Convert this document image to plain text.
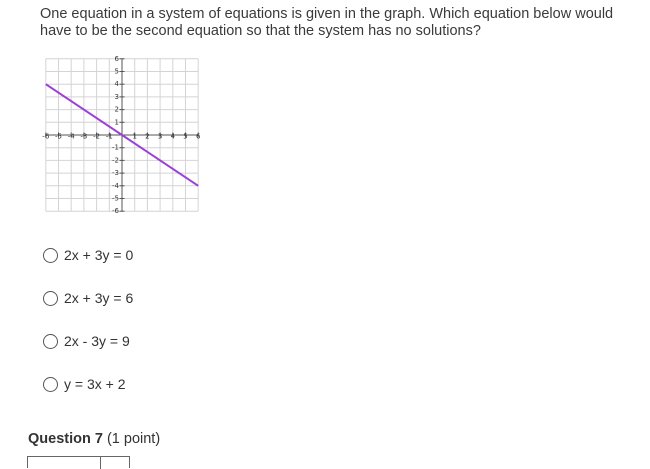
One equation in a system of equations is given in the graph. Which equation below would have to be the second equation so that the system has no solutions?
-6 -5 -4 -3 -2 -1	1 2 3 4 5 6
6
5
4
3
2
1
-1
-2
-3
-4
-5
-6
2x + 3y = 0
2x + 3y = 6
2x - 3y = 9
y = 3x + 2
Question 7 (1 point)
